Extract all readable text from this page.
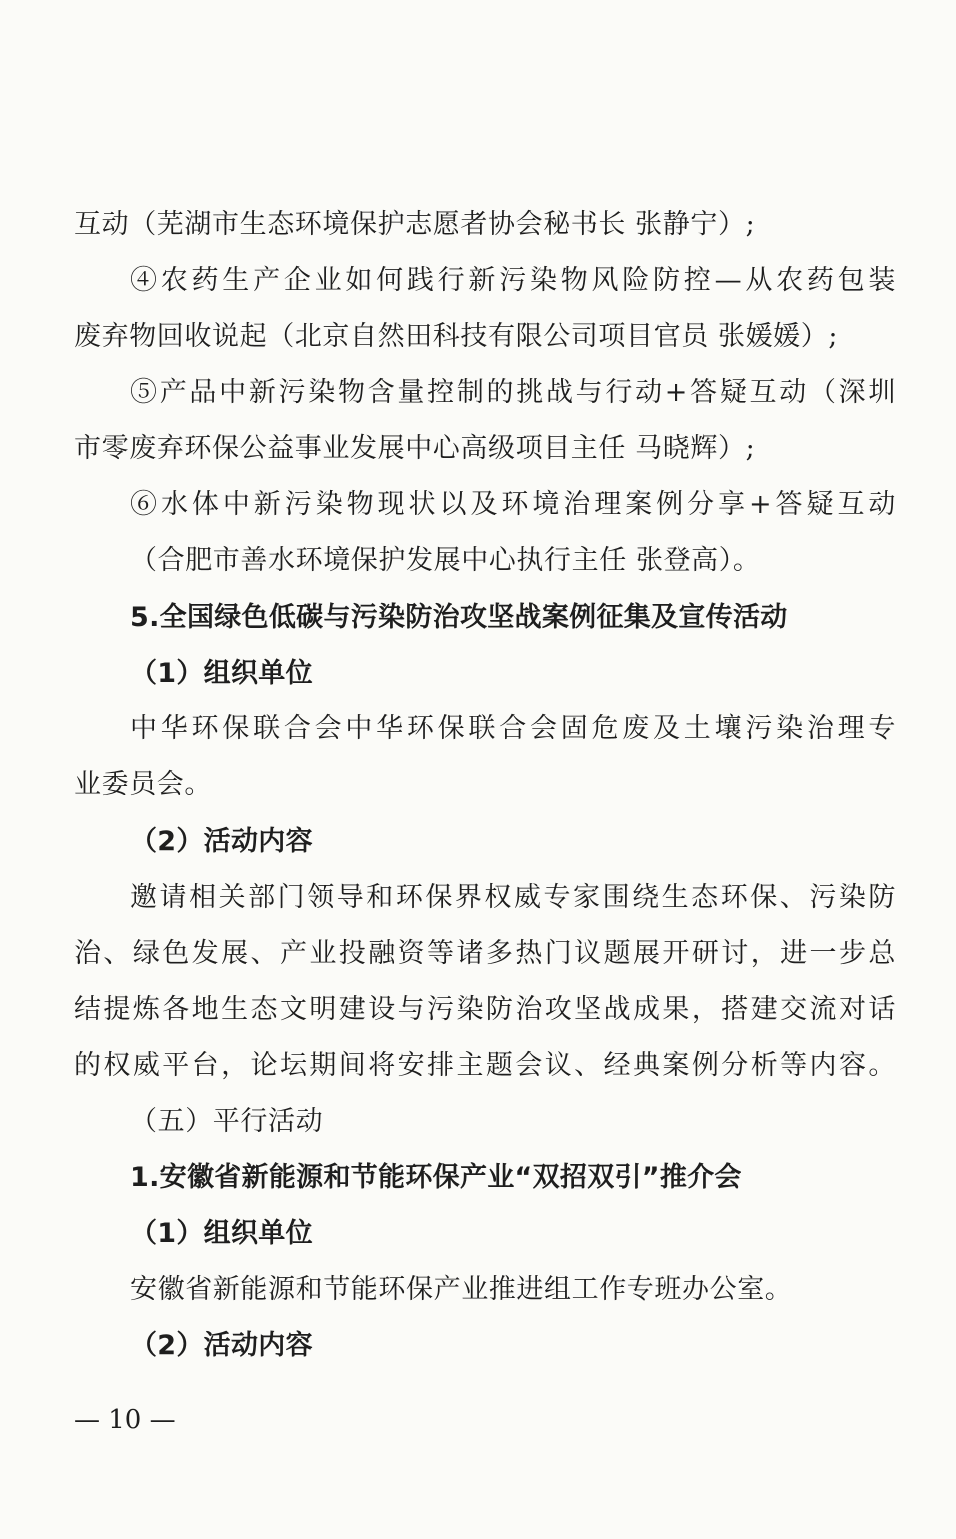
互动（芜湖市生态环境保护志愿者协会秘书长 张静宁）;
④农药生产企业如何践行新污染物风险防控—从农药包装
废弃物回收说起（北京自然田科技有限公司项目官员 张媛媛）;
⑤产品中新污染物含量控制的挑战与行动+答疑互动（深圳
市零废弃环保公益事业发展中心高级项目主任 马晓辉）;
⑥水体中新污染物现状以及环境治理案例分享+答疑互动
（合肥市善水环境保护发展中心执行主任 张登高）。
5.全国绿色低碳与污染防治攻坚战案例征集及宣传活动
（1）组织单位
中华环保联合会中华环保联合会固危废及土壤污染治理专
业委员会。
（2）活动内容
邀请相关部门领导和环保界权威专家围绕生态环保、污染防
治、绿色发展、产业投融资等诸多热门议题展开研讨，进一步总
结提炼各地生态文明建设与污染防治攻坚战成果，搭建交流对话
的权威平台，论坛期间将安排主题会议、经典案例分析等内容。
（五）平行活动
1.安徽省新能源和节能环保产业“双招双引”推介会
（1）组织单位
安徽省新能源和节能环保产业推进组工作专班办公室。
（2）活动内容
— 10 —
